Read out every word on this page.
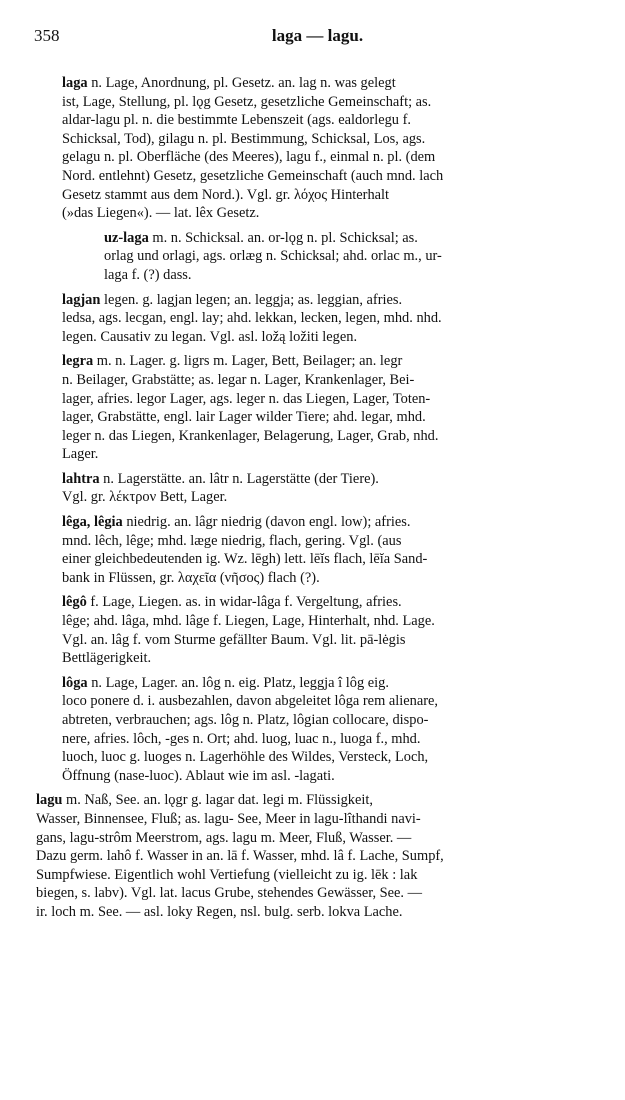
358	laga — lagu.
laga n. Lage, Anordnung, pl. Gesetz. an. lag n. was gelegt
ist, Lage, Stellung, pl. lǫg Gesetz, gesetzliche Gemeinschaft; as.
aldar-lagu pl. n. die bestimmte Lebenszeit (ags. ealdorlegu f.
Schicksal, Tod), gilagu n. pl. Bestimmung, Schicksal, Los, ags.
gelagu n. pl. Oberfläche (des Meeres), lagu f., einmal n. pl. (dem
Nord. entlehnt) Gesetz, gesetzliche Gemeinschaft (auch mnd. lach
Gesetz stammt aus dem Nord.). Vgl. gr. λόχος Hinterhalt
(»das Liegen«). — lat. lêx Gesetz.
uz-laga m. n. Schicksal. an. or-lǫg n. pl. Schicksal; as.
orlag und orlagi, ags. orlæg n. Schicksal; ahd. orlac m., ur-
laga f. (?) dass.
lagjan legen. g. lagjan legen; an. leggja; as. leggian, afries.
ledsa, ags. lecgan, engl. lay; ahd. lekkan, lecken, legen, mhd. nhd.
legen. Causativ zu legan. Vgl. asl. ložą ložiti legen.
legra m. n. Lager. g. ligrs m. Lager, Bett, Beilager; an. legr
n. Beilager, Grabstätte; as. legar n. Lager, Krankenlager, Bei-
lager, afries. legor Lager, ags. leger n. das Liegen, Lager, Toten-
lager, Grabstätte, engl. lair Lager wilder Tiere; ahd. legar, mhd.
leger n. das Liegen, Krankenlager, Belagerung, Lager, Grab, nhd.
Lager.
lahtra n. Lagerstätte. an. lâtr n. Lagerstätte (der Tiere).
Vgl. gr. λέκτρον Bett, Lager.
lêga, lêgia niedrig. an. lâgr niedrig (davon engl. low); afries.
mnd. lêch, lêge; mhd. læge niedrig, flach, gering. Vgl. (aus
einer gleichbedeutenden ig. Wz. lēgh) lett. lēĭs flach, lēĭa Sand-
bank in Flüssen, gr. λαχεῖα (νῆσος) flach (?).
lêgô f. Lage, Liegen. as. in widar-lâga f. Vergeltung, afries.
lêge; ahd. lâga, mhd. lâge f. Liegen, Lage, Hinterhalt, nhd. Lage.
Vgl. an. lâg f. vom Sturme gefällter Baum. Vgl. lit. pā-lėgis
Bettlägerigkeit.
lôga n. Lage, Lager. an. lôg n. eig. Platz, leggja î lôg eig.
loco ponere d. i. ausbezahlen, davon abgeleitet lôga rem alienare,
abtreten, verbrauchen; ags. lôg n. Platz, lôgian collocare, dispo-
nere, afries. lôch, -ges n. Ort; ahd. luog, luac n., luoga f., mhd.
luoch, luoc g. luoges n. Lagerhöhle des Wildes, Versteck, Loch,
Öffnung (nase-luoc). Ablaut wie im asl. -lagati.
lagu m. Naß, See. an. lǫgr g. lagar dat. legi m. Flüssigkeit,
Wasser, Binnensee, Fluß; as. lagu- See, Meer in lagu-lîthandi navi-
gans, lagu-strôm Meerstrom, ags. lagu m. Meer, Fluß, Wasser. —
Dazu germ. lahô f. Wasser in an. lā f. Wasser, mhd. lâ f. Lache, Sumpf,
Sumpfwiese. Eigentlich wohl Vertiefung (vielleicht zu ig. lēk : lak
biegen, s. labv). Vgl. lat. lacus Grube, stehendes Gewässer, See. —
ir. loch m. See. — asl. loky Regen, nsl. bulg. serb. lokva Lache.
